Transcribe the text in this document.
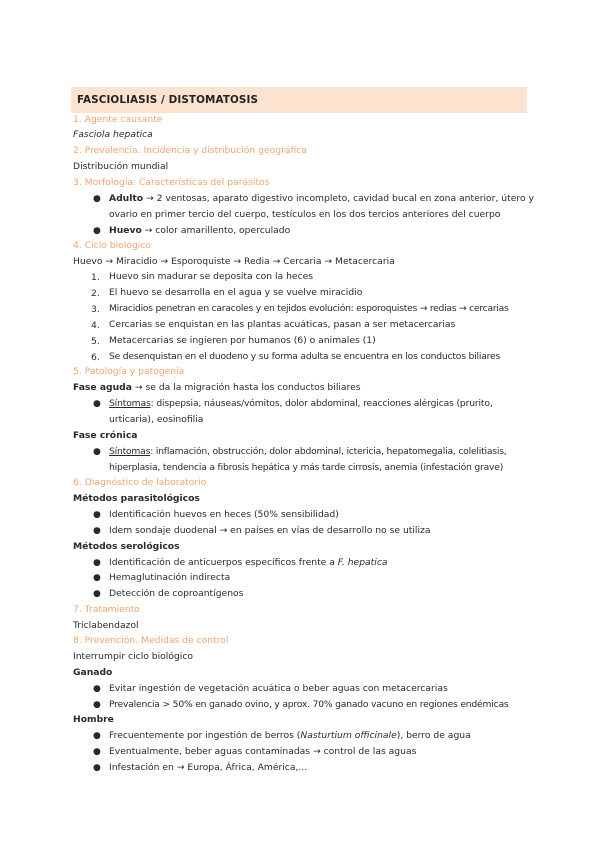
FASCIOLIASIS / DISTOMATOSIS
1. Agente causante
Fasciola hepatica
2. Prevalencia. Incidencia y distribución geográfica
Distribución mundial
3. Morfología. Características del parásitos
● Adulto → 2 ventosas, aparato digestivo incompleto, cavidad bucal en zona anterior, útero y
ovario en primer tercio del cuerpo, testículos en los dos tercios anteriores del cuerpo
● Huevo → color amarillento, operculado
4. Ciclo biológico
Huevo → Miracidio → Esporoquiste → Redia → Cercaria → Metacercaria
1. Huevo sin madurar se deposita con la heces
2. El huevo se desarrolla en el agua y se vuelve miracidio
3. Miracidios penetran en caracoles y en tejidos evolución: esporoquistes → redias → cercarias
4. Cercarias se enquistan en las plantas acuáticas, pasan a ser metacercarias
5. Metacercarias se ingieren por humanos (6) o animales (1)
6. Se desenquistan en el duodeno y su forma adulta se encuentra en los conductos biliares
5. Patología y patogenia
Fase aguda → se da la migración hasta los conductos biliares
● Síntomas: dispepsia, náuseas/vómitos, dolor abdominal, reacciones alérgicas (prurito,
urticaria), eosinofilia
Fase crónica
● Síntomas: inflamación, obstrucción, dolor abdominal, ictericia, hepatomegalia, colelitiasis,
hiperplasia, tendencia a fibrosis hepática y más tarde cirrosis, anemia (infestación grave)
6. Diagnóstico de laboratorio
Métodos parasitológicos
● Identificación huevos en heces (50% sensibilidad)
● Idem sondaje duodenal → en países en vías de desarrollo no se utiliza
Métodos serológicos
● Identificación de anticuerpos específicos frente a F. hepatica
● Hemaglutinación indirecta
● Detección de coproantígenos
7. Tratamiento
Triclabendazol
8. Prevención. Medidas de control
Interrumpir ciclo biológico
Ganado
● Evitar ingestión de vegetación acuática o beber aguas con metacercarias
● Prevalencia > 50% en ganado ovino, y aprox. 70% ganado vacuno en regiones endémicas
Hombre
● Frecuentemente por ingestión de berros (Nasturtium officinale), berro de agua
● Eventualmente, beber aguas contaminadas → control de las aguas
● Infestación en → Europa, África, América,...
